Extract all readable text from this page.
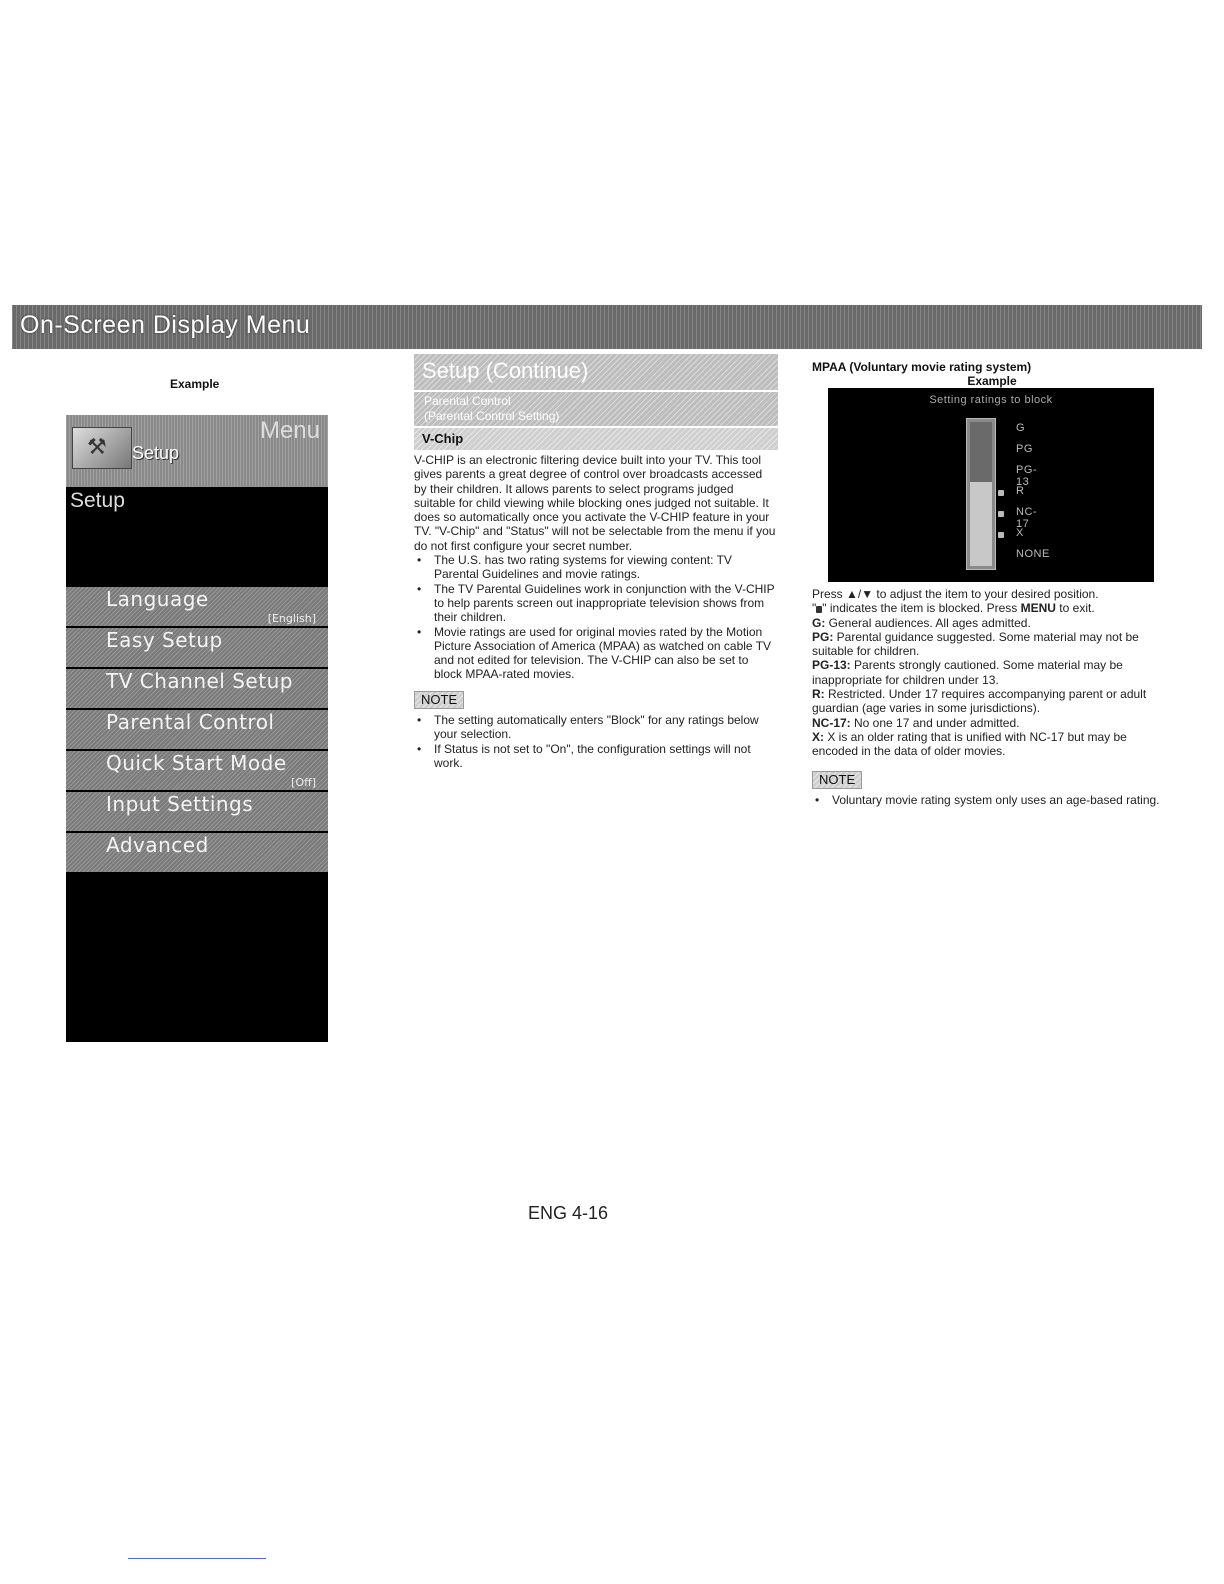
On-Screen Display Menu
Example
⚒
Menu
Setup
Setup
Language
[English]
Easy Setup
TV Channel Setup
Parental Control
Quick Start Mode
[Off]
Input Settings
Advanced
Setup (Continue)
Parental Control
(Parental Control Setting)
V-Chip

V-CHIP is an electronic filtering device built into your TV. This tool gives parents a great degree of control over broadcasts accessed by their children. It allows parents to select programs judged suitable for child viewing while blocking ones judged not suitable. It does so automatically once you activate the V-CHIP feature in your TV. "V-Chip" and "Status" will not be selectable from the menu if you do not first configure your secret number.

• The U.S. has two rating systems for viewing content: TV Parental Guidelines and movie ratings.
• The TV Parental Guidelines work in conjunction with the V-CHIP to help parents screen out inappropriate television shows from their children.
• Movie ratings are used for original movies rated by the Motion Picture Association of America (MPAA) as watched on cable TV and not edited for television. The V-CHIP can also be set to block MPAA-rated movies.
NOTE
• The setting automatically enters "Block" for any ratings below your selection.
• If Status is not set to "On", the configuration settings will not work.
MPAA (Voluntary movie rating system)
Example
Setting ratings to block
G
PG
PG-13
R
NC-17
X
NONE

Press ▲/▼ to adjust the item to your desired position.

" " indicates the item is blocked. Press MENU to exit.

G: General audiences. All ages admitted.

PG: Parental guidance suggested. Some material may not be suitable for children.

PG-13: Parents strongly cautioned. Some material may be inappropriate for children under 13.

R: Restricted. Under 17 requires accompanying parent or adult guardian (age varies in some jurisdictions).

NC-17: No one 17 and under admitted.

X: X is an older rating that is unified with NC-17 but may be encoded in the data of older movies.

NOTE
• Voluntary movie rating system only uses an age-based rating.
ENG 4-16
